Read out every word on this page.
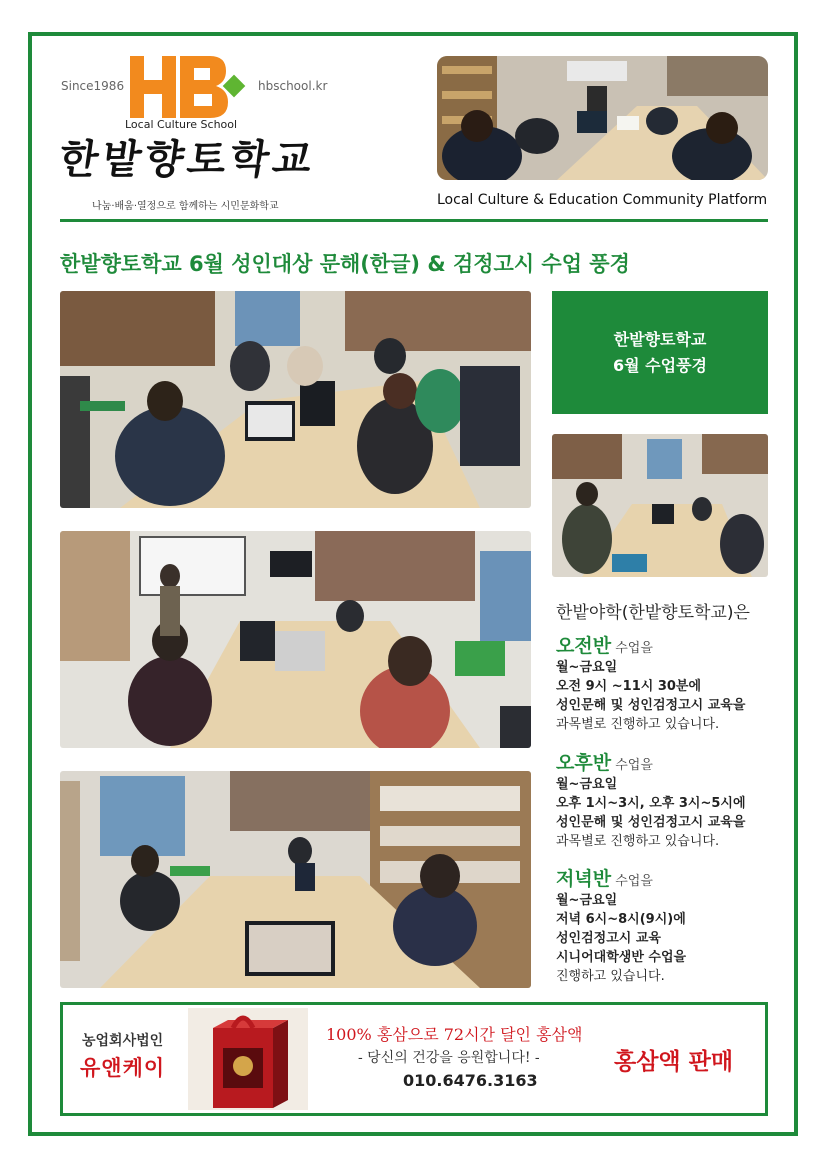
Since1986	hbschool.kr
Local Culture School
한밭향토학교
나눔·배움·열정으로 함께하는 시민문화학교	Local Culture & Education Community Platform
한밭향토학교 6월 성인대상 문해(한글) & 검정고시 수업 풍경
한밭향토학교
6월 수업풍경
한밭야학(한밭향토학교)은
오전반 수업을
월~금요일
오전 9시 ~11시 30분에
성인문해 및 성인검정고시 교육을
과목별로 진행하고 있습니다.
오후반 수업을
월~금요일
오후 1시~3시, 오후 3시~5시에
성인문해 및 성인검정고시 교육을
과목별로 진행하고 있습니다.
저녁반 수업을
월~금요일
저녁 6시~8시(9시)에
성인검정고시 교육
시니어대학생반 수업을
진행하고 있습니다.
농업회사법인
유앤케이
100% 홍삼으로 72시간 달인 홍삼액
- 당신의 건강을 응원합니다! -
010.6476.3163
홍삼액 판매
